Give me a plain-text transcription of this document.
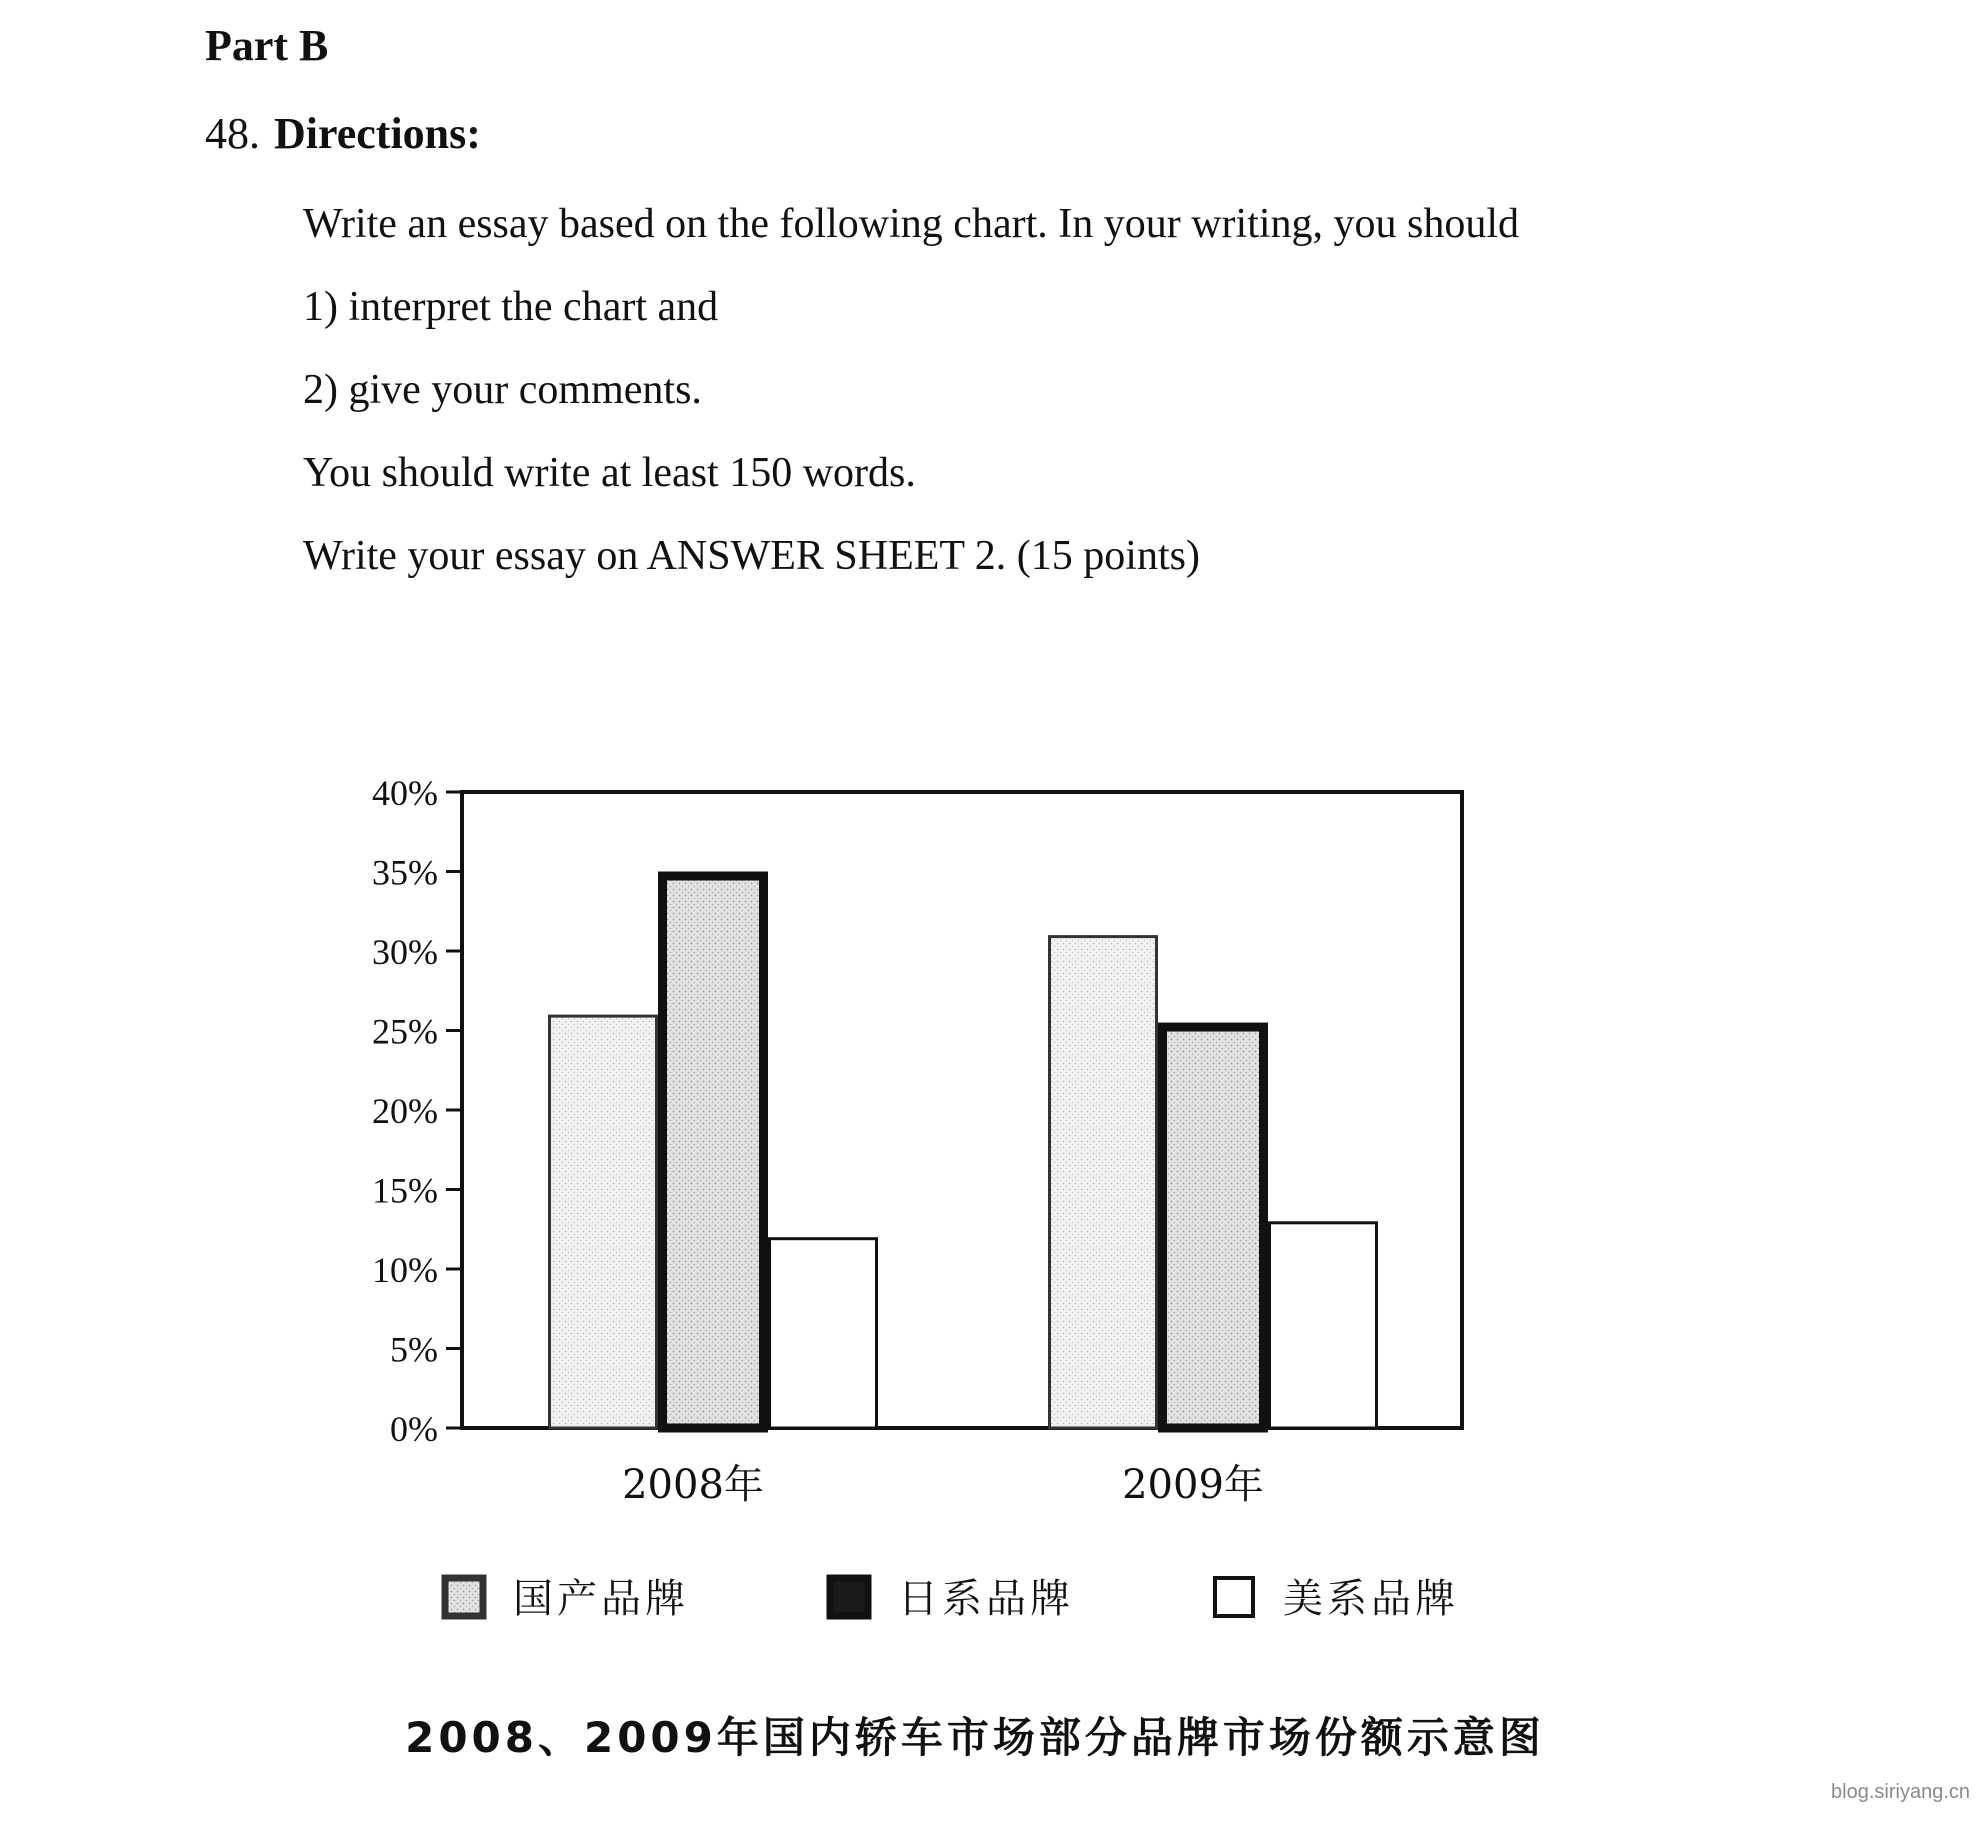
Part B

48. Directions:

Write an essay based on the following chart. In your writing, you should

1) interpret the chart and

2) give your comments.

You should write at least 150 words.

Write your essay on ANSWER SHEET 2. (15 points)

0%
5%
10%
15%
20%
25%
30%
35%
40%
2008年	2009年
国产品牌	日系品牌	美系品牌
2008、2009年国内轿车市场部分品牌市场份额示意图
blog.siriyang.cn
